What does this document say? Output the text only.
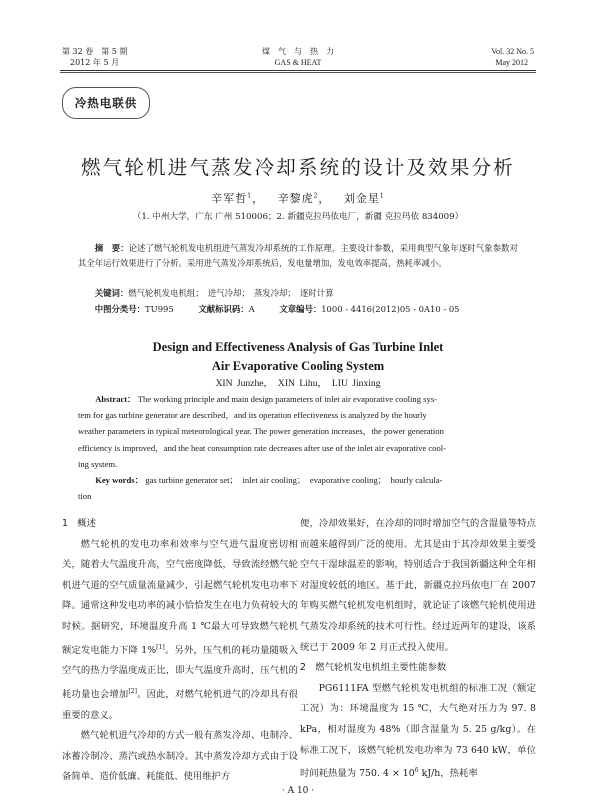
第 32 卷　第 5 期
2012 年 5 月
煤　气　与　热　力
GAS & HEAT
Vol. 32 No. 5
May 2012
冷热电联供
燃气轮机进气蒸发冷却系统的设计及效果分析
辛军哲$^1$， 辛黎虎$^2$， 刘金星$^1$
（1. 中州大学，广东 广州 510006；2. 新疆克拉玛依电厂，新疆 克拉玛依 834009）
摘　要：论述了燃气轮机发电机组进气蒸发冷却系统的工作原理，主要设计参数，采用典型气象年逐时气象参数对其全年运行效果进行了分析。采用进气蒸发冷却系统后，发电量增加，发电效率提高，热耗率减小。
关键词：燃气轮机发电机组；　进气冷却；　蒸发冷却；　逐时计算
中图分类号：TU995	文献标识码：A	文章编号：1000 - 4416(2012)05 - 0A10 - 05
Design and Effectiveness Analysis of Gas Turbine Inlet
Air Evaporative Cooling System
XIN Junzhe，　XIN Lihu，　LIU Jinxing
Abstract： The working principle and main design parameters of inlet air evaporative cooling sys-
tem for gas turbine generator are described，and its operation effectiveness is analyzed by the hourly
weather parameters in typical meteorological year. The power generation increases，the power generation
efficiency is improved，and the heat consumption rate decreases after use of the inlet air evaporative cool-
ing system.
Key words： gas turbine generator set；　inlet air cooling；　evaporative cooling；　hourly calcula-
tion

1　概述

燃气轮机的发电功率和效率与空气进气温度密切相关，随着大气温度升高，空气密度降低，导致流经燃气轮机进气道的空气质量流量减少，引起燃气轮机发电功率下降。通常这种发电功率的减小恰恰发生在电力负荷较大的时候。据研究，环境温度升高 1 ℃最大可导致燃气轮机额定发电能力下降 1%[1]。另外，压气机的耗功量随吸入空气的热力学温度成正比，即大气温度升高时，压气机的耗功量也会增加[2]。因此，对燃气轮机进气的冷却具有很重要的意义。

燃气轮机进气冷却的方式一般有蒸发冷却、电制冷、冰蓄冷制冷、蒸汽或热水制冷。其中蒸发冷却方式由于设备简单、造价低廉、耗能低、使用维护方

便，冷却效果好，在冷却的同时增加空气的含湿量等特点而越来越得到广泛的使用。尤其是由于其冷却效果主要受空气干湿球温差的影响，特别适合于我国新疆这种全年相对湿度较低的地区。基于此，新疆克拉玛依电厂在 2007 年购买燃气轮机发电机组时，就论证了该燃气轮机使用进气蒸发冷却系统的技术可行性。经过近两年的建设，该系统已于 2009 年 2 月正式投入使用。

2　燃气轮机发电机组主要性能参数

PG6111FA 型燃气轮机发电机组的标准工况（额定工况）为：环境温度为 15 ℃，大气绝对压力为 97. 8 kPa，相对湿度为 48%（即含湿量为 5. 25 g/kg）。在标准工况下，该燃气轮机发电功率为 73 640 kW，单位时间耗热量为 750. $4 \times 10^6$ kJ/h，热耗率

· A 10 ·
